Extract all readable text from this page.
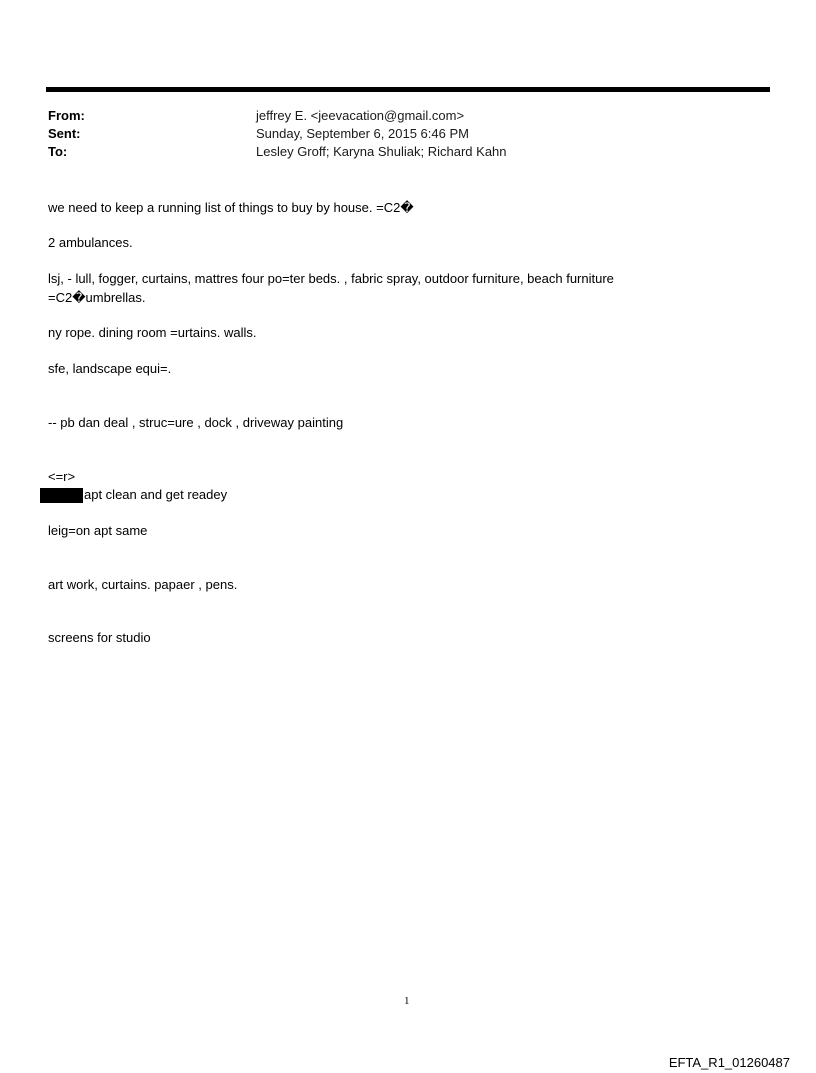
From:	jeffrey E. <jeevacation@gmail.com>
Sent:	Sunday, September 6, 2015 6:46 PM
To:	Lesley Groff; Karyna Shuliak; Richard Kahn
we need to keep a running list of things to buy by house. =C2�
2 ambulances.
lsj, - lull, fogger, curtains, mattres four po=ter beds. , fabric spray, outdoor furniture, beach furniture
=C2�umbrellas.
ny rope. dining room =urtains. walls.
sfe, landscape equi=.
-- pb dan deal , struc=ure , dock , driveway painting
<=r>
apt clean and get readey
leig=on apt same
art work, curtains. papaer , pens.
screens for studio
1
EFTA_R1_01260487
